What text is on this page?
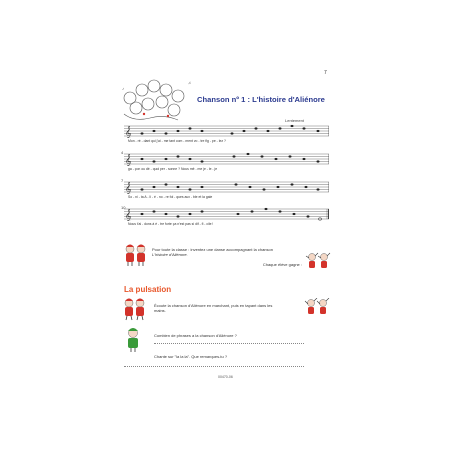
7
♪
♫
Chanson nº 1 : L'histoire d'Aliénore
𝄞
Mon - ré - dant qui j'ai - me tant com - ment vo - tre fig - pe - lez ?
Lentement
𝄞
4
ga - çon ou dé - quoi per - sonne ? Nous mê - me je - le - je
𝄞
7
So - ni - ta A - li - é - no - re fol - ques aux - ble et la gaie
𝄞
10
Nous t'ai - dons à è - tre forte ça n'est pas si dif - fi - cile !
Pour toute la classe : inventez une danse accompagnant la chanson
L'histoire d'Aliénore.
Chaque élève gagne :
La pulsation
Écoute la chanson d'Aliénore en marchant, puis en tapant dans les
mains.
Combien de phrases a la chanson d'Aliénore ?
Chante sur "la la la". Que remarques-tu ?
00470-06
